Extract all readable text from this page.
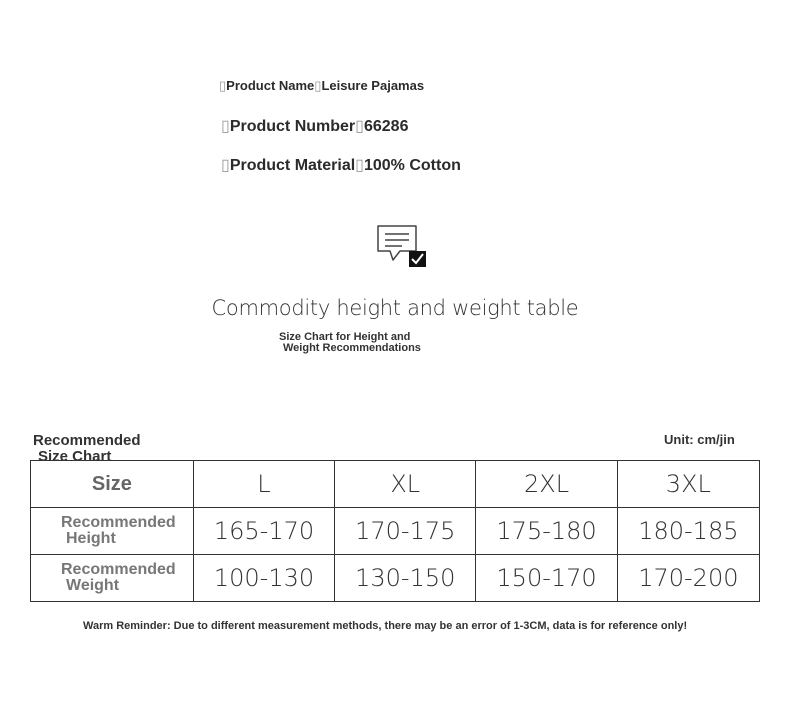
▯Product Name▯Leisure Pajamas
▯Product Number▯66286
▯Product Material▯100% Cotton
Commodity height and weight table
Size Chart for Height and
Weight Recommendations
Recommended
Size Chart
Unit: cm/jin
Size	L	XL	2XL	3XL

Recommended
Height	165-170	170-175	175-180	180-185

Recommended
Weight	100-130	130-150	150-170	170-200
Warm Reminder: Due to different measurement methods, there may be an error of 1-3CM, data is for reference only!
